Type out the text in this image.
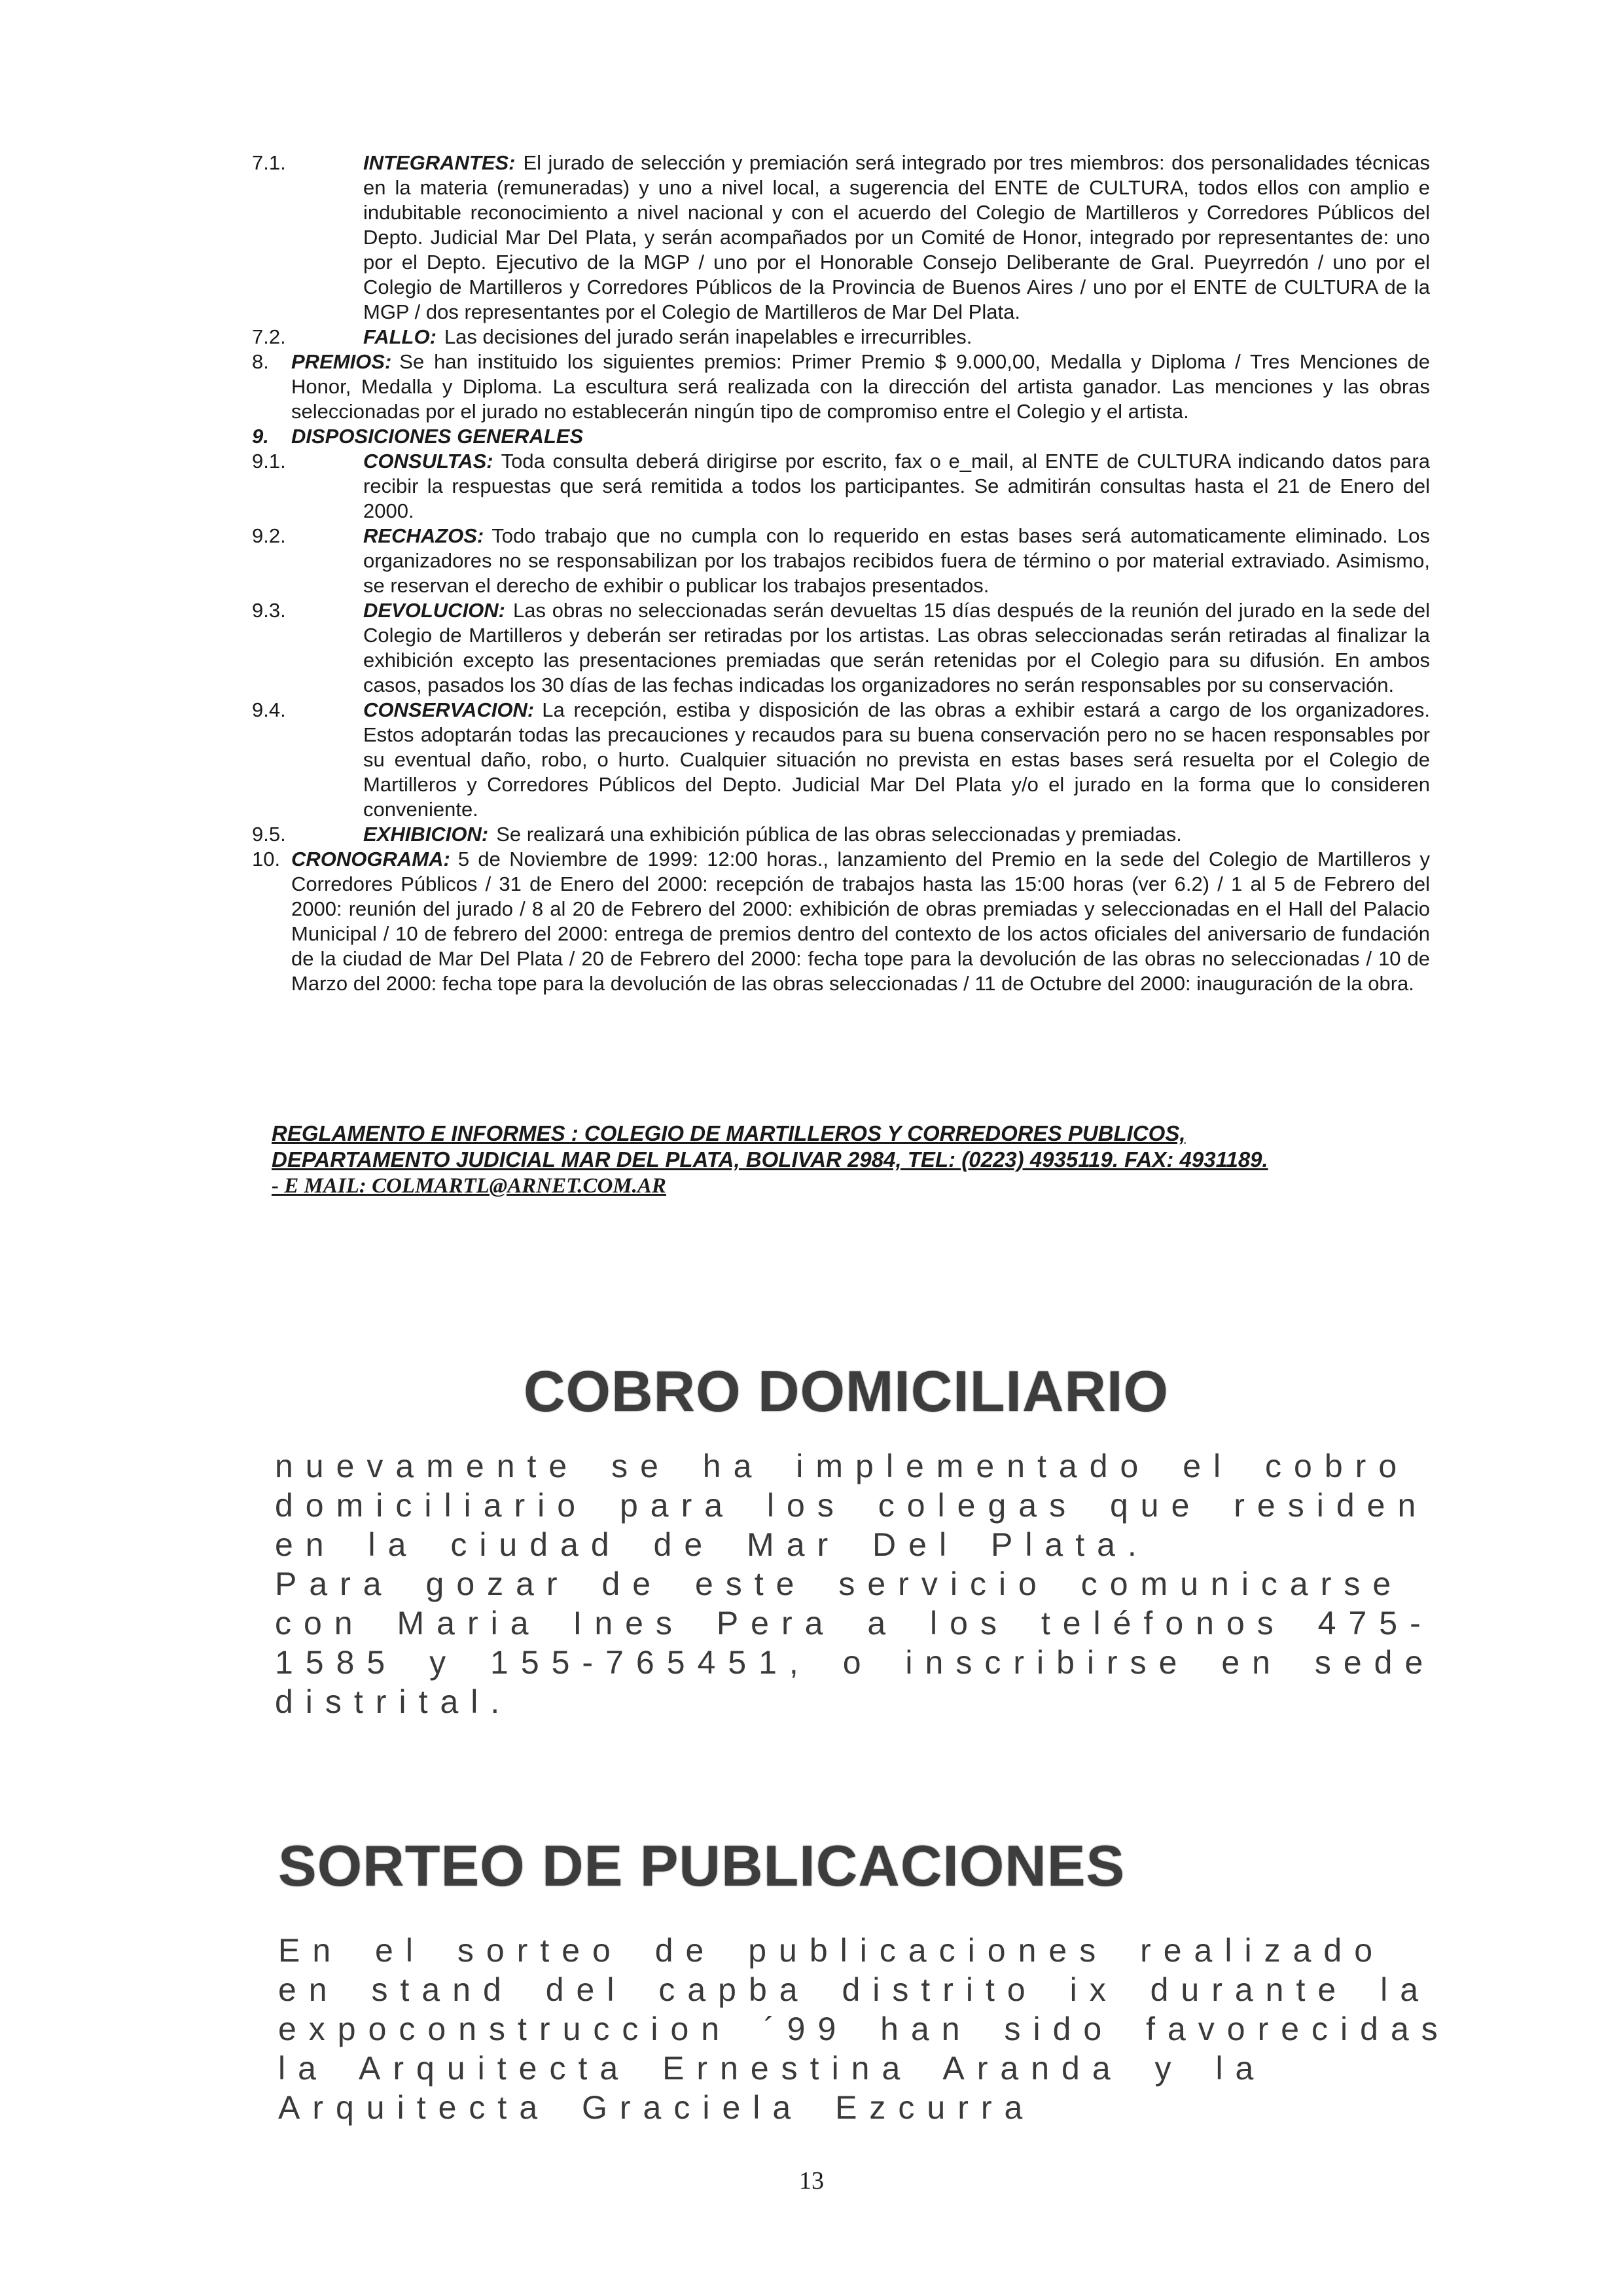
7.1.	INTEGRANTES: El jurado de selección y premiación será integrado por tres miembros: dos personalidades técnicas en la materia (remuneradas) y uno a nivel local, a sugerencia del ENTE de CULTURA, todos ellos con amplio e indubitable reconocimiento a nivel nacional y con el acuerdo del Colegio de Martilleros y Corredores Públicos del Depto. Judicial Mar Del Plata, y serán acompañados por un Comité de Honor, integrado por representantes de: uno por el Depto. Ejecutivo de la MGP / uno por el Honorable Consejo Deliberante de Gral. Pueyrredón / uno por el Colegio de Martilleros y Corredores Públicos de la Provincia de Buenos Aires / uno por el ENTE de CULTURA de la MGP / dos representantes por el Colegio de Martilleros de Mar Del Plata.
7.2.	FALLO: Las decisiones del jurado serán inapelables e irrecurribles.
8.	PREMIOS: Se han instituido los siguientes premios: Primer Premio $ 9.000,00, Medalla y Diploma / Tres Menciones de Honor, Medalla y Diploma. La escultura será realizada con la dirección del artista ganador. Las menciones y las obras seleccionadas por el jurado no establecerán ningún tipo de compromiso entre el Colegio y el artista.
9.	DISPOSICIONES GENERALES
9.1.	CONSULTAS: Toda consulta deberá dirigirse por escrito, fax o e_mail, al ENTE de CULTURA indicando datos para recibir la respuestas que será remitida a todos los participantes. Se admitirán consultas hasta el 21 de Enero del 2000.
9.2.	RECHAZOS: Todo trabajo que no cumpla con lo requerido en estas bases será automaticamente eliminado. Los organizadores no se responsabilizan por los trabajos recibidos fuera de término o por material extraviado. Asimismo, se reservan el derecho de exhibir o publicar los trabajos presentados.
9.3.	DEVOLUCION: Las obras no seleccionadas serán devueltas 15 días después de la reunión del jurado en la sede del Colegio de Martilleros y deberán ser retiradas por los artistas. Las obras seleccionadas serán retiradas al finalizar la exhibición excepto las presentaciones premiadas que serán retenidas por el Colegio para su difusión. En ambos casos, pasados los 30 días de las fechas indicadas los organizadores no serán responsables por su conservación.
9.4.	CONSERVACION: La recepción, estiba y disposición de las obras a exhibir estará a cargo de los organizadores. Estos adoptarán todas las precauciones y recaudos para su buena conservación pero no se hacen responsables por su eventual daño, robo, o hurto. Cualquier situación no prevista en estas bases será resuelta por el Colegio de Martilleros y Corredores Públicos del Depto. Judicial Mar Del Plata y/o el jurado en la forma que lo consideren conveniente.
9.5.	EXHIBICION: Se realizará una exhibición pública de las obras seleccionadas y premiadas.
10. CRONOGRAMA: 5 de Noviembre de 1999: 12:00 horas., lanzamiento del Premio en la sede del Colegio de Martilleros y Corredores Públicos / 31 de Enero del 2000: recepción de trabajos hasta las 15:00 horas (ver 6.2) / 1 al 5 de Febrero del 2000: reunión del jurado / 8 al 20 de Febrero del 2000: exhibición de obras premiadas y seleccionadas en el Hall del Palacio Municipal / 10 de febrero del 2000: entrega de premios dentro del contexto de los actos oficiales del aniversario de fundación de la ciudad de Mar Del Plata / 20 de Febrero del 2000: fecha tope para la devolución de las obras no seleccionadas / 10 de Marzo del 2000: fecha tope para la devolución de las obras seleccionadas / 11 de Octubre del 2000: inauguración de la obra.
REGLAMENTO E INFORMES : COLEGIO DE MARTILLEROS Y CORREDORES PUBLICOS,
DEPARTAMENTO JUDICIAL MAR DEL PLATA, BOLIVAR 2984, TEL: (0223) 4935119. FAX: 4931189.
- E MAIL: COLMARTL@ARNET.COM.AR
COBRO DOMICILIARIO

nuevamente se ha implementado el cobro domiciliario para los colegas que residen en la ciudad de Mar Del Plata.

Para gozar de este servicio comunicarse con Maria Ines Pera a los teléfonos 475-1585 y 155-765451, o inscribirse en sede distrital.

SORTEO DE PUBLICACIONES

En el sorteo de publicaciones realizado en stand del capba distrito ix durante la expoconstruccion ´99 han sido favorecidas la Arquitecta Ernestina Aranda y la Arquitecta Graciela Ezcurra

13
